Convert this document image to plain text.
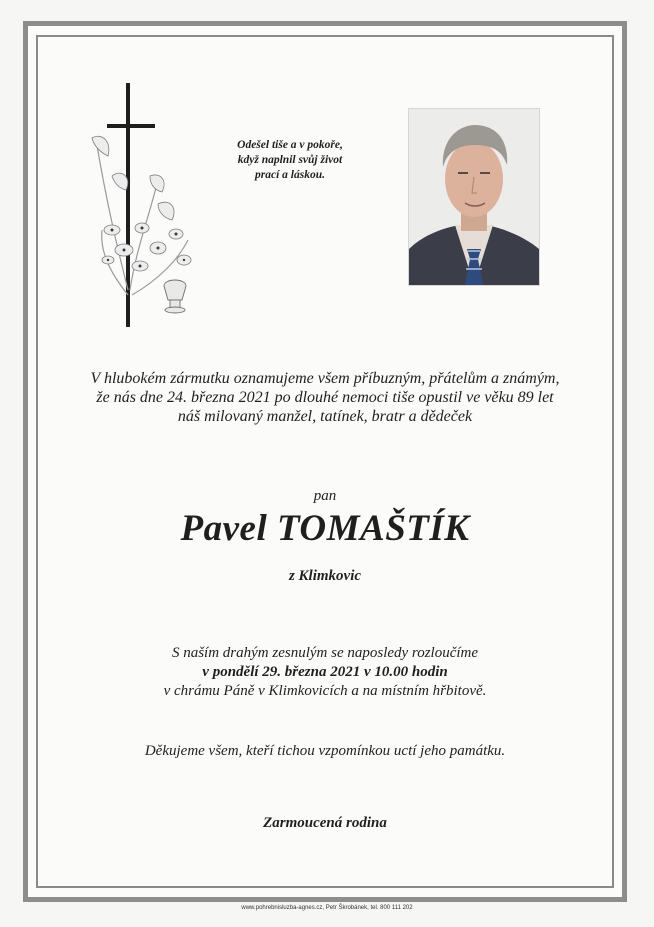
Odešel tiše a v pokoře,
když naplnil svůj život
prací a láskou.
V hlubokém zármutku oznamujeme všem příbuzným, přátelům a známým,
že nás dne 24. března 2021 po dlouhé nemoci tiše opustil ve věku 89 let
náš milovaný manžel, tatínek, bratr a dědeček
pan
Pavel TOMAŠTÍK
z Klimkovic
S naším drahým zesnulým se naposledy rozloučíme
v pondělí 29. března 2021 v 10.00 hodin
v chrámu Páně v Klimkovicích a na místním hřbitově.
Děkujeme všem, kteří tichou vzpomínkou uctí jeho památku.
Zarmoucená rodina
www.pohrebnisluzba-agnes.cz, Petr Škrobánek, tel. 800 111 202
